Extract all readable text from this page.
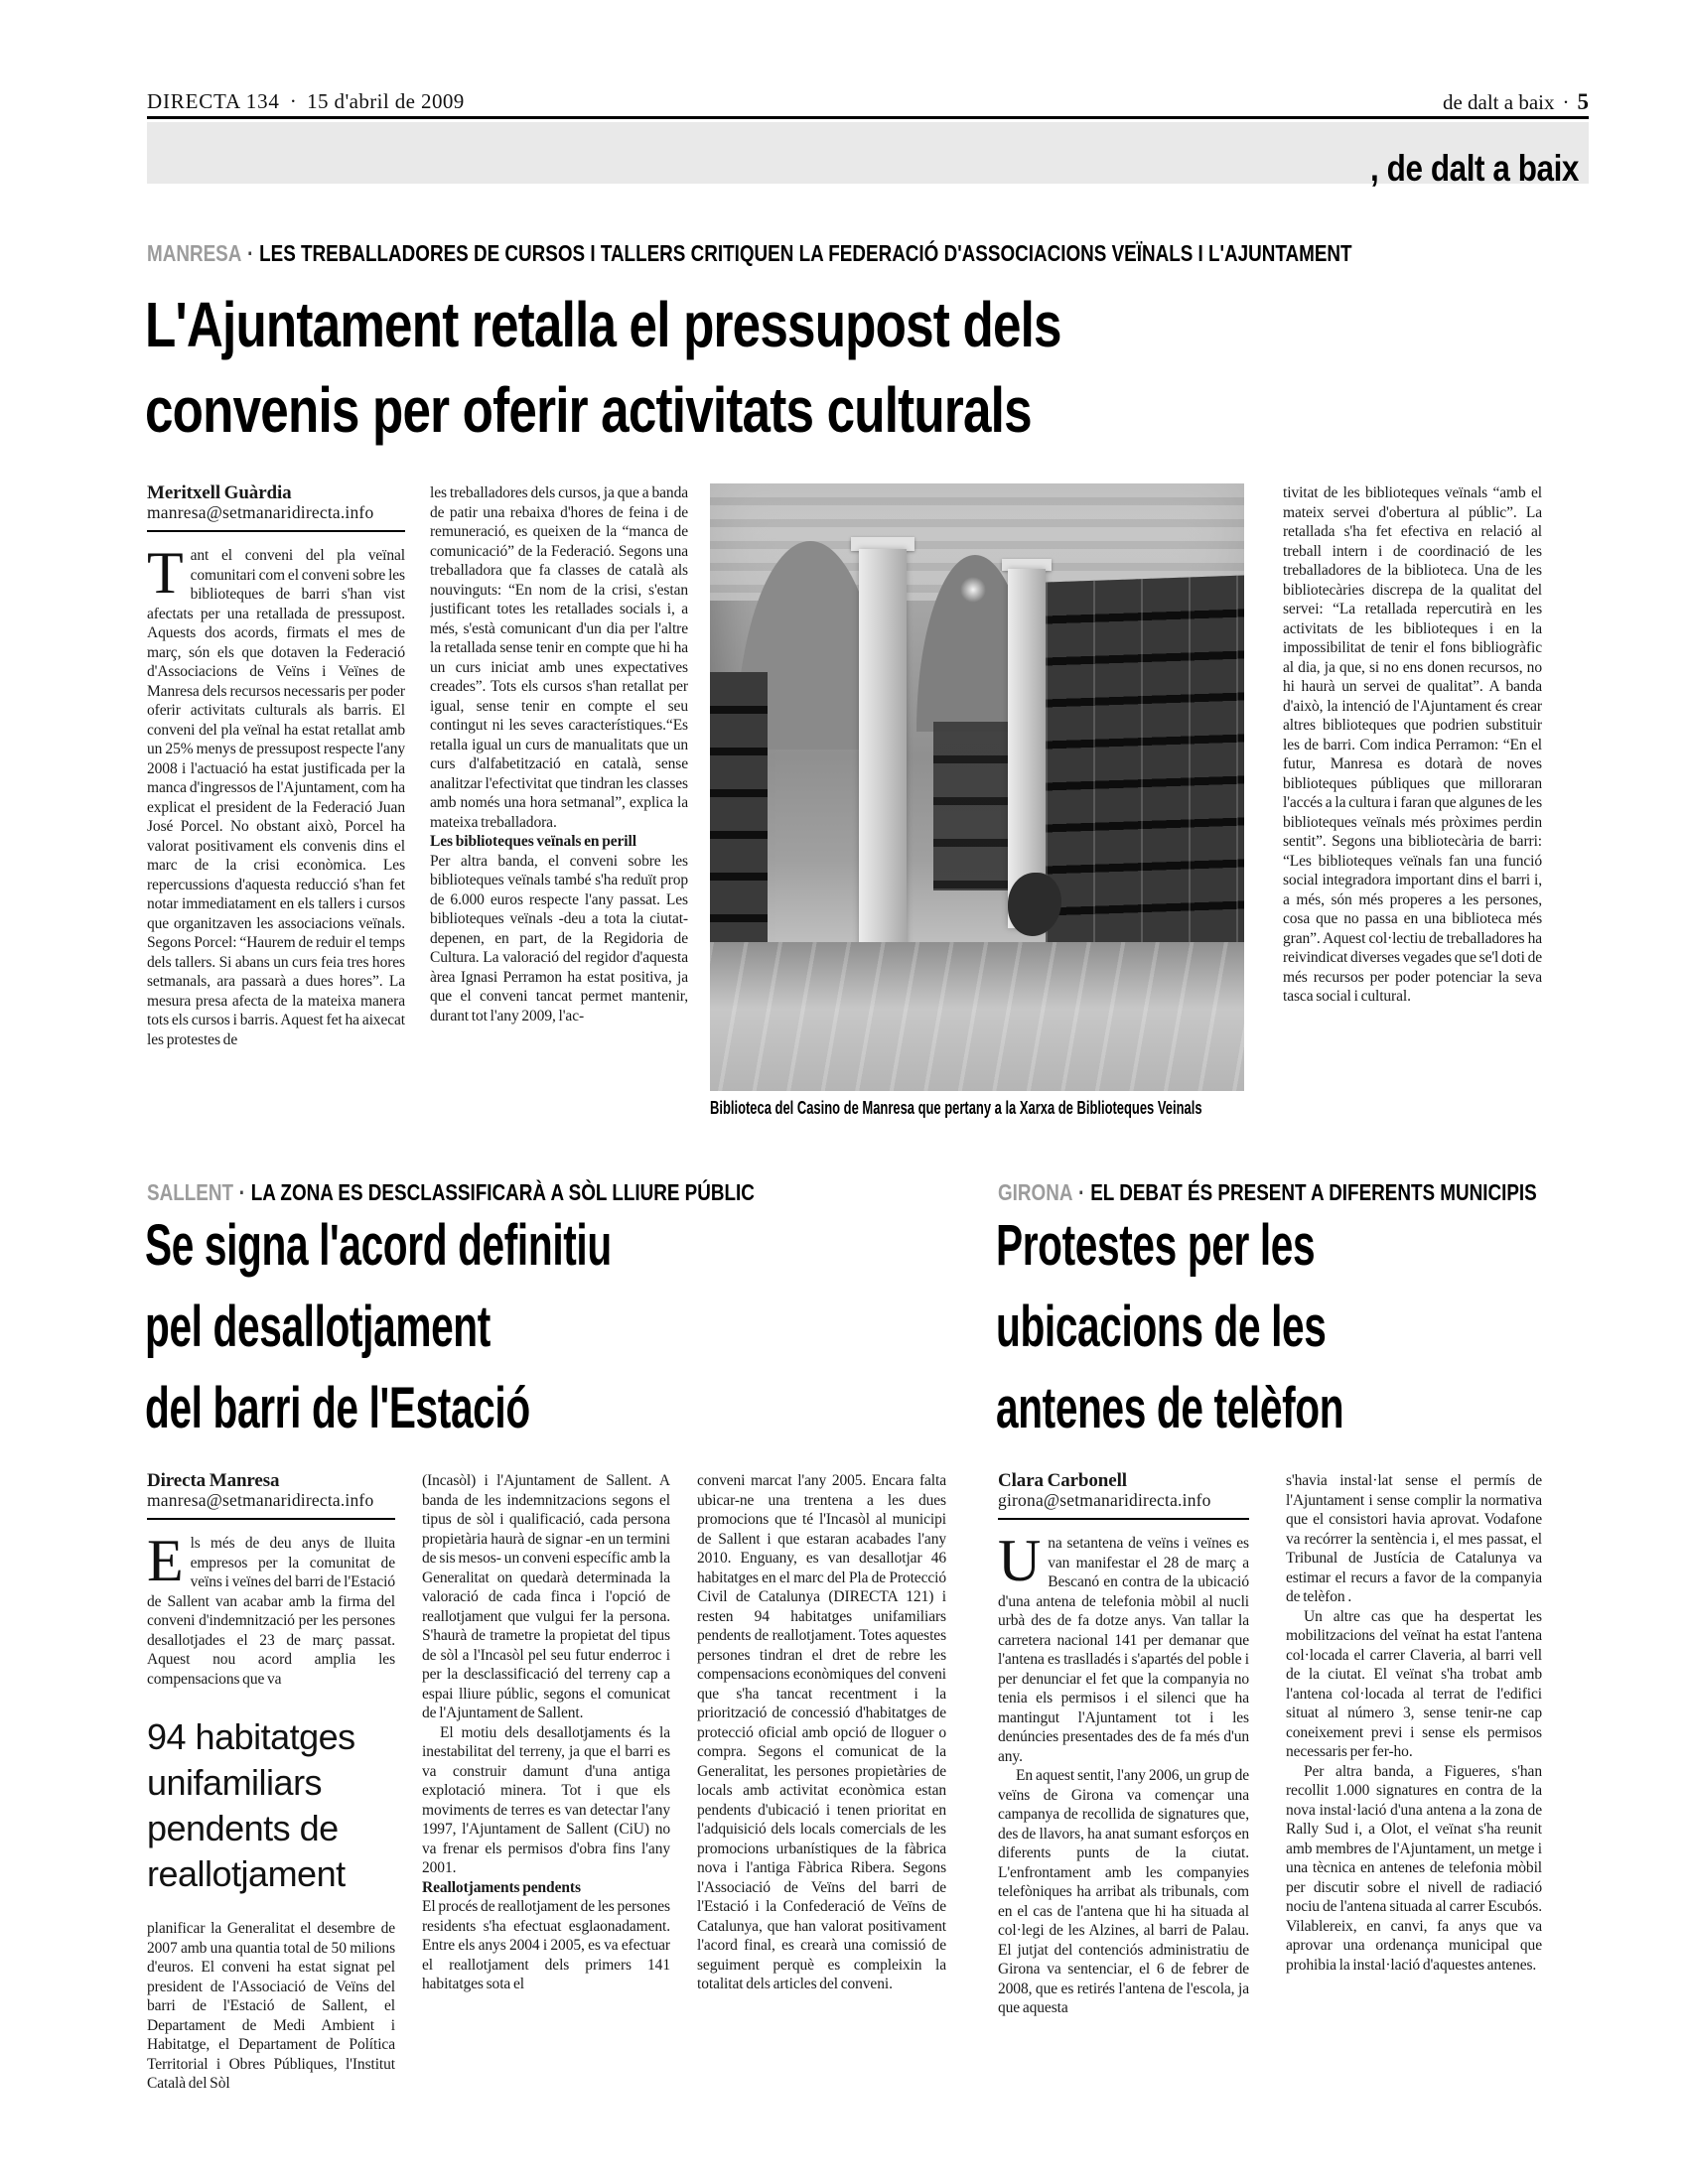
DIRECTA 134 · 15 d'abril de 2009	de dalt a baix · 5
, de dalt a baix
MANRESA · LES TREBALLADORES DE CURSOS I TALLERS CRITIQUEN LA FEDERACIÓ D'ASSOCIACIONS VEÏNALS I L'AJUNTAMENT
L'Ajuntament retalla el pressupost dels
convenis per oferir activitats culturals
Meritxell Guàrdia
manresa@setmanaridirecta.info

Tant el conveni del pla veïnal comunitari com el conveni sobre les biblioteques de barri s'han vist afectats per una retallada de pressupost. Aquests dos acords, firmats el mes de març, són els que dotaven la Federació d'Associacions de Veïns i Veïnes de Manresa dels recursos necessaris per poder oferir activitats culturals als barris. El conveni del pla veïnal ha estat retallat amb un 25% menys de pressupost respecte l'any 2008 i l'actuació ha estat justificada per la manca d'ingressos de l'Ajuntament, com ha explicat el president de la Federació Juan José Porcel. No obstant això, Porcel ha valorat positivament els convenis dins el marc de la crisi econòmica. Les repercussions d'aquesta reducció s'han fet notar immediatament en els tallers i cursos que organitzaven les associacions veïnals. Segons Porcel: “Haurem de reduir el temps dels tallers. Si abans un curs feia tres hores setmanals, ara passarà a dues hores”. La mesura presa afecta de la mateixa manera tots els cursos i barris. Aquest fet ha aixecat les protestes de

les treballadores dels cursos, ja que a banda de patir una rebaixa d'hores de feina i de remuneració, es queixen de la “manca de comunicació” de la Federació. Segons una treballadora que fa classes de català als nouvinguts: “En nom de la crisi, s'estan justificant totes les retallades socials i, a més, s'està comunicant d'un dia per l'altre la retallada sense tenir en compte que hi ha un curs iniciat amb unes expectatives creades”. Tots els cursos s'han retallat per igual, sense tenir en compte el seu contingut ni les seves característiques.“Es retalla igual un curs de manualitats que un curs d'alfabetització en català, sense analitzar l'efectivitat que tindran les classes amb només una hora setmanal”, explica la mateixa treballadora.

Les biblioteques veïnals en perill

Per altra banda, el conveni sobre les biblioteques veïnals també s'ha reduït prop de 6.000 euros respecte l'any passat. Les biblioteques veïnals -deu a tota la ciutat- depenen, en part, de la Regidoria de Cultura. La valoració del regidor d'aquesta àrea Ignasi Perramon ha estat positiva, ja que el conveni tancat permet mantenir, durant tot l'any 2009, l'ac-

Biblioteca del Casino de Manresa que pertany a la Xarxa de Biblioteques Veinals

tivitat de les biblioteques veïnals “amb el mateix servei d'obertura al públic”. La retallada s'ha fet efectiva en relació al treball intern i de coordinació de les treballadores de la biblioteca. Una de les bibliotecàries discrepa de la qualitat del servei: “La retallada repercutirà en les activitats de les biblioteques i en la impossibilitat de tenir el fons bibliogràfic al dia, ja que, si no ens donen recursos, no hi haurà un servei de qualitat”. A banda d'això, la intenció de l'Ajuntament és crear altres biblioteques que podrien substituir les de barri. Com indica Perramon: “En el futur, Manresa es dotarà de noves biblioteques públiques que milloraran l'accés a la cultura i faran que algunes de les biblioteques veïnals més pròximes perdin sentit”. Segons una bibliotecària de barri: “Les biblioteques veïnals fan una funció social integradora important dins el barri i, a més, són més properes a les persones, cosa que no passa en una biblioteca més gran”. Aquest col·lectiu de treballadores ha reivindicat diverses vegades que se'l doti de més recursos per poder potenciar la seva tasca social i cultural.

SALLENT · LA ZONA ES DESCLASSIFICARÀ A SÒL LLIURE PÚBLIC
Se signa l'acord definitiu
pel desallotjament
del barri de l'Estació
Directa Manresa
manresa@setmanaridirecta.info

Els més de deu anys de lluita empresos per la comunitat de veïns i veïnes del barri de l'Estació de Sallent van acabar amb la firma del conveni d'indemnització per les persones desallotjades el 23 de març passat. Aquest nou acord amplia les compensacions que va

94 habitatges unifamiliars pendents de reallotjament

planificar la Generalitat el desembre de 2007 amb una quantia total de 50 milions d'euros. El conveni ha estat signat pel president de l'Associació de Veïns del barri de l'Estació de Sallent, el Departament de Medi Ambient i Habitatge, el Departament de Política Territorial i Obres Públiques, l'Institut Català del Sòl

(Incasòl) i l'Ajuntament de Sallent. A banda de les indemnitzacions segons el tipus de sòl i qualificació, cada persona propietària haurà de signar -en un termini de sis mesos- un conveni específic amb la Generalitat on quedarà determinada la valoració de cada finca i l'opció de reallotjament que vulgui fer la persona. S'haurà de trametre la propietat del tipus de sòl a l'Incasòl pel seu futur enderroc i per la desclassificació del terreny cap a espai lliure públic, segons el comunicat de l'Ajuntament de Sallent.

El motiu dels desallotjaments és la inestabilitat del terreny, ja que el barri es va construir damunt d'una antiga explotació minera. Tot i que els moviments de terres es van detectar l'any 1997, l'Ajuntament de Sallent (CiU) no va frenar els permisos d'obra fins l'any 2001.

Reallotjaments pendents

El procés de reallotjament de les persones residents s'ha efectuat esglaonadament. Entre els anys 2004 i 2005, es va efectuar el reallotjament dels primers 141 habitatges sota el

conveni marcat l'any 2005. Encara falta ubicar-ne una trentena a les dues promocions que té l'Incasòl al municipi de Sallent i que estaran acabades l'any 2010. Enguany, es van desallotjar 46 habitatges en el marc del Pla de Protecció Civil de Catalunya (DIRECTA 121) i resten 94 habitatges unifamiliars pendents de reallotjament. Totes aquestes persones tindran el dret de rebre les compensacions econòmiques del conveni que s'ha tancat recentment i la priorització de concessió d'habitatges de protecció oficial amb opció de lloguer o compra. Segons el comunicat de la Generalitat, les persones propietàries de locals amb activitat econòmica estan pendents d'ubicació i tenen prioritat en l'adquisició dels locals comercials de les promocions urbanístiques de la fàbrica nova i l'antiga Fàbrica Ribera. Segons l'Associació de Veïns del barri de l'Estació i la Confederació de Veïns de Catalunya, que han valorat positivament l'acord final, es crearà una comissió de seguiment perquè es compleixin la totalitat dels articles del conveni.

GIRONA · EL DEBAT ÉS PRESENT A DIFERENTS MUNICIPIS
Protestes per les
ubicacions de les
antenes de telèfon
Clara Carbonell
girona@setmanaridirecta.info

Una setantena de veïns i veïnes es van manifestar el 28 de març a Bescanó en contra de la ubicació d'una antena de telefonia mòbil al nucli urbà des de fa dotze anys. Van tallar la carretera nacional 141 per demanar que l'antena es traslladés i s'apartés del poble i per denunciar el fet que la companyia no tenia els permisos i el silenci que ha mantingut l'Ajuntament tot i les denúncies presentades des de fa més d'un any.

En aquest sentit, l'any 2006, un grup de veïns de Girona va començar una campanya de recollida de signatures que, des de llavors, ha anat sumant esforços en diferents punts de la ciutat. L'enfrontament amb les companyies telefòniques ha arribat als tribunals, com en el cas de l'antena que hi ha situada al col·legi de les Alzines, al barri de Palau. El jutjat del contenciós administratiu de Girona va sentenciar, el 6 de febrer de 2008, que es retirés l'antena de l'escola, ja que aquesta

s'havia instal·lat sense el permís de l'Ajuntament i sense complir la normativa que el consistori havia aprovat. Vodafone va recórrer la sentència i, el mes passat, el Tribunal de Justícia de Catalunya va estimar el recurs a favor de la companyia de telèfon .

Un altre cas que ha despertat les mobilitzacions del veïnat ha estat l'antena col·locada el carrer Claveria, al barri vell de la ciutat. El veïnat s'ha trobat amb l'antena col·locada al terrat de l'edifici situat al número 3, sense tenir-ne cap coneixement previ i sense els permisos necessaris per fer-ho.

Per altra banda, a Figueres, s'han recollit 1.000 signatures en contra de la nova instal·lació d'una antena a la zona de Rally Sud i, a Olot, el veïnat s'ha reunit amb membres de l'Ajuntament, un metge i una tècnica en antenes de telefonia mòbil per discutir sobre el nivell de radiació nociu de l'antena situada al carrer Escubós. Vilablereix, en canvi, fa anys que va aprovar una ordenança municipal que prohibia la instal·lació d'aquestes antenes.
